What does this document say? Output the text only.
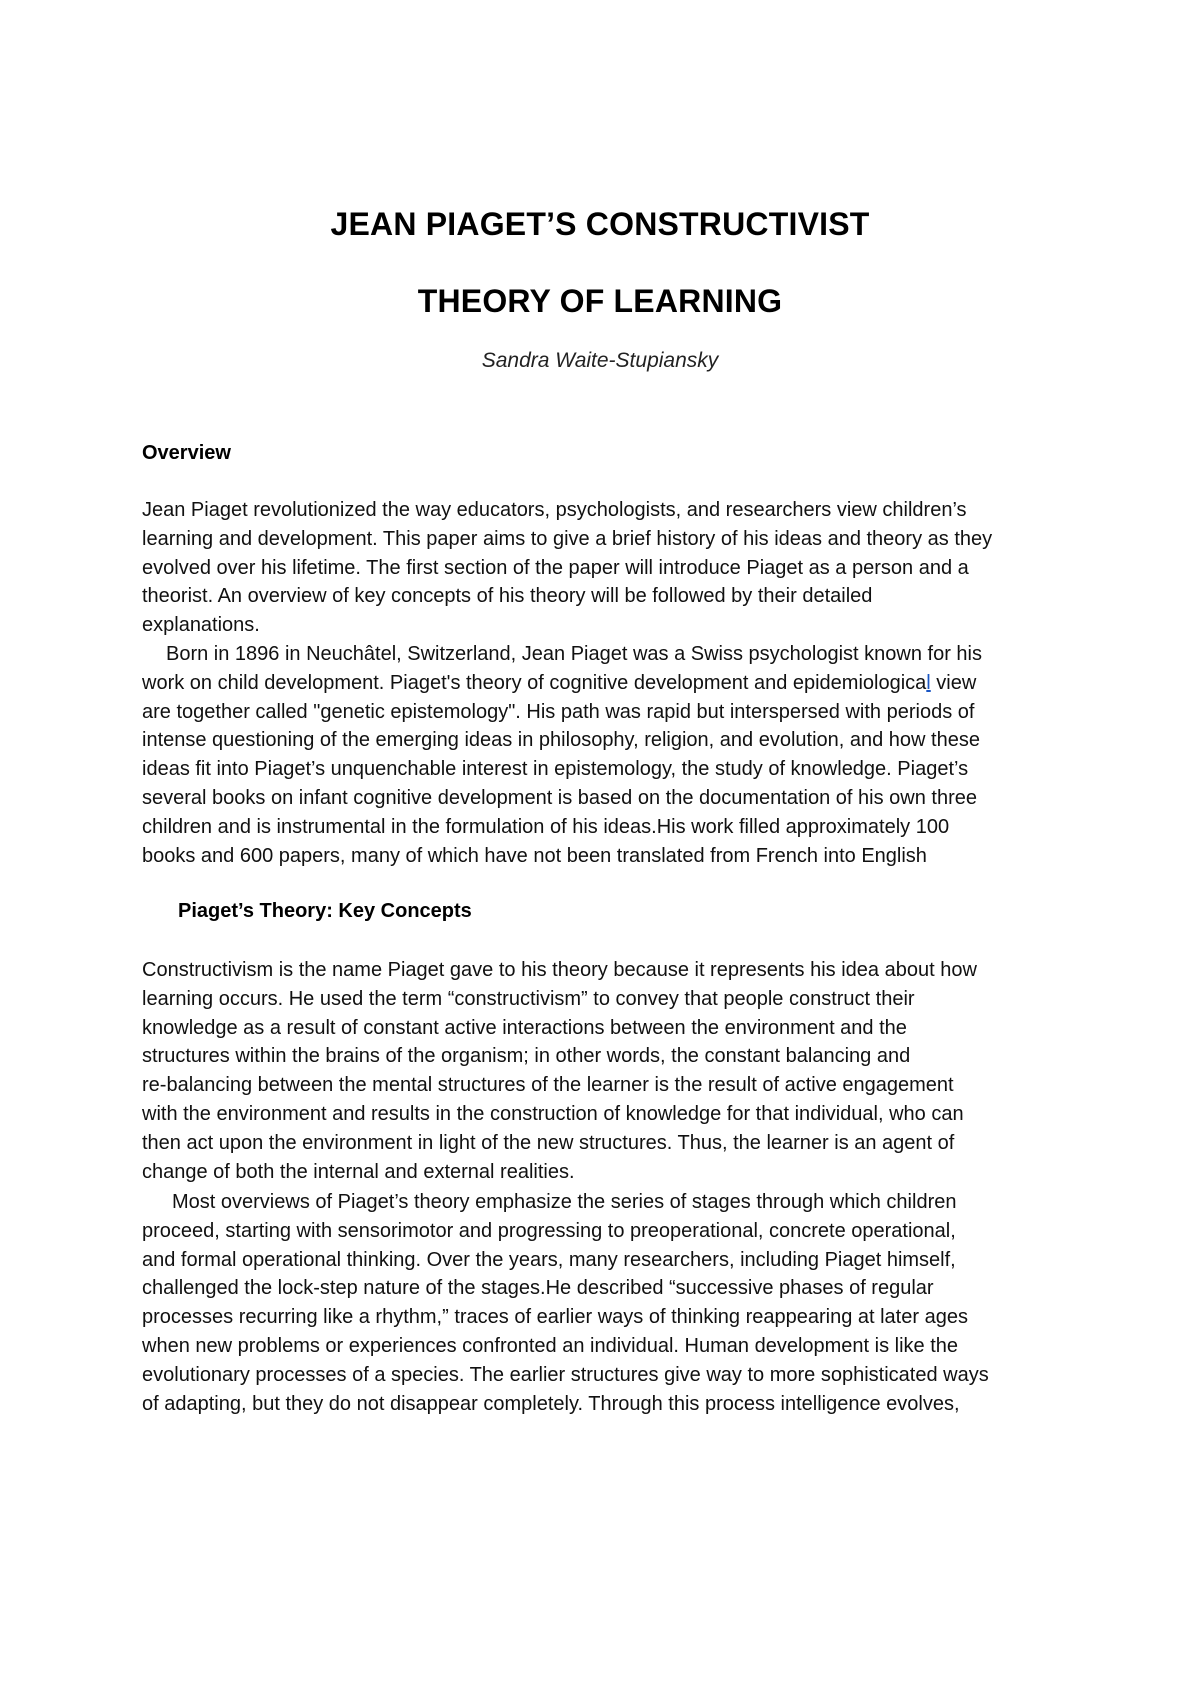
JEAN PIAGET’S CONSTRUCTIVIST
THEORY OF LEARNING

Sandra Waite-Stupiansky

Overview
Jean Piaget revolutionized the way educators, psychologists, and researchers view children’s
learning and development. This paper aims to give a brief history of his ideas and theory as they
evolved over his lifetime. The first section of the paper will introduce Piaget as a person and a
theorist. An overview of key concepts of his theory will be followed by their detailed
explanations.
Born in 1896 in Neuchâtel, Switzerland, Jean Piaget was a Swiss psychologist known for his
work on child development. Piaget's theory of cognitive development and epidemiological view
are together called "genetic epistemology". His path was rapid but interspersed with periods of
intense questioning of the emerging ideas in philosophy, religion, and evolution, and how these
ideas fit into Piaget’s unquenchable interest in epistemology, the study of knowledge. Piaget’s
several books on infant cognitive development is based on the documentation of his own three
children and is instrumental in the formulation of his ideas.His work filled approximately 100
books and 600 papers, many of which have not been translated from French into English
Piaget’s Theory: Key Concepts
Constructivism is the name Piaget gave to his theory because it represents his idea about how
learning occurs. He used the term “constructivism” to convey that people construct their
knowledge as a result of constant active interactions between the environment and the
structures within the brains of the organism; in other words, the constant balancing and
re-balancing between the mental structures of the learner is the result of active engagement
with the environment and results in the construction of knowledge for that individual, who can
then act upon the environment in light of the new structures. Thus, the learner is an agent of
change of both the internal and external realities.
Most overviews of Piaget’s theory emphasize the series of stages through which children
proceed, starting with sensorimotor and progressing to preoperational, concrete operational,
and formal operational thinking. Over the years, many researchers, including Piaget himself,
challenged the lock-step nature of the stages.He described “successive phases of regular
processes recurring like a rhythm,” traces of earlier ways of thinking reappearing at later ages
when new problems or experiences confronted an individual. Human development is like the
evolutionary processes of a species. The earlier structures give way to more sophisticated ways
of adapting, but they do not disappear completely. Through this process intelligence evolves,
